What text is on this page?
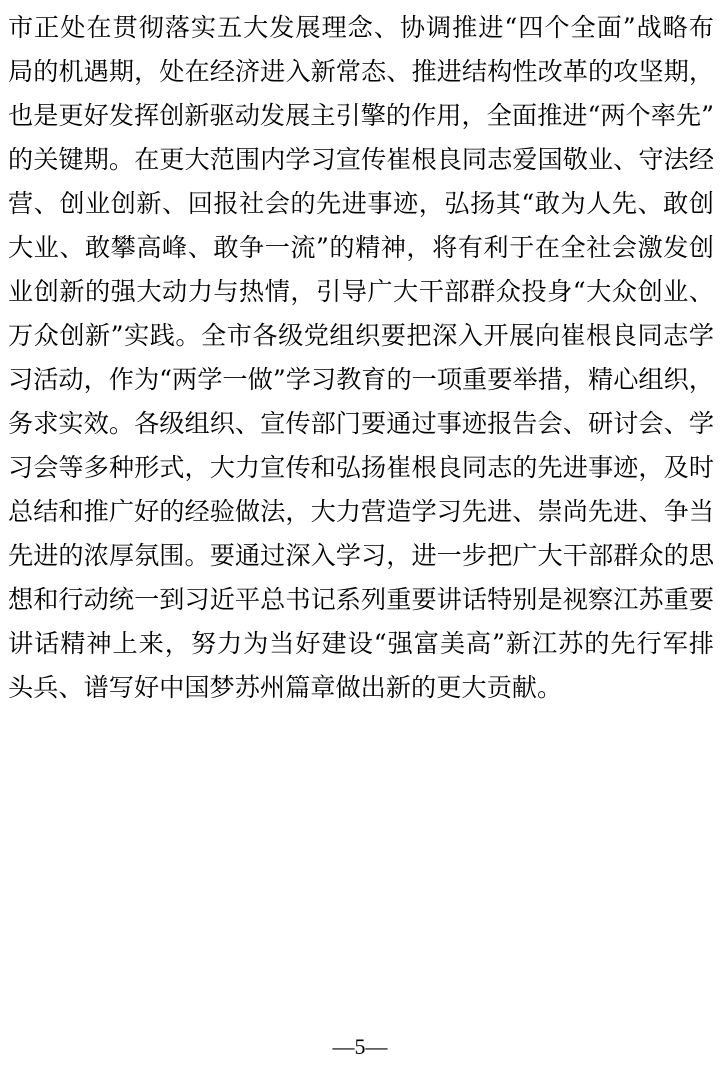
市正处在贯彻落实五大发展理念、协调推进“四个全面”战略布
局的机遇期，处在经济进入新常态、推进结构性改革的攻坚期，
也是更好发挥创新驱动发展主引擎的作用，全面推进“两个率先”
的关键期。在更大范围内学习宣传崔根良同志爱国敬业、守法经
营、创业创新、回报社会的先进事迹，弘扬其“敢为人先、敢创
大业、敢攀高峰、敢争一流”的精神，将有利于在全社会激发创
业创新的强大动力与热情，引导广大干部群众投身“大众创业、
万众创新”实践。全市各级党组织要把深入开展向崔根良同志学
习活动，作为“两学一做”学习教育的一项重要举措，精心组织，
务求实效。各级组织、宣传部门要通过事迹报告会、研讨会、学
习会等多种形式，大力宣传和弘扬崔根良同志的先进事迹，及时
总结和推广好的经验做法，大力营造学习先进、崇尚先进、争当
先进的浓厚氛围。要通过深入学习，进一步把广大干部群众的思
想和行动统一到习近平总书记系列重要讲话特别是视察江苏重要
讲话精神上来，努力为当好建设“强富美高”新江苏的先行军排
头兵、谱写好中国梦苏州篇章做出新的更大贡献。
—5—
